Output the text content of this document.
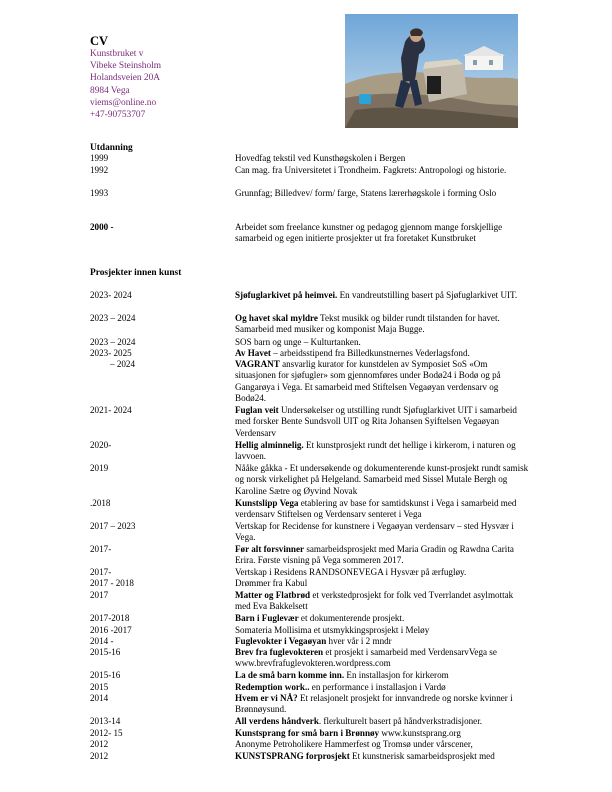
CV
Kunstbruket v
Vibeke Steinsholm
Holandsveien 20A
8984 Vega
viems@online.no
+47-90753707
Utdanning
Prosjekter innen kunst
1999	Hovedfag tekstil ved Kunsthøgskolen i Bergen
1992	Can mag. fra Universitetet i Trondheim. Fagkrets: Antropologi og historie.
1993	Grunnfag; Billedvev/ form/ farge, Statens lærerhøgskole i forming Oslo
2000 -	Arbeidet som freelance kunstner og pedagog gjennom mange forskjellige samarbeid og egen initierte prosjekter ut fra foretaket Kunstbruket
2023- 2024	Sjøfuglarkivet på heimvei. En vandreutstilling basert på Sjøfuglarkivet UIT.
2023 – 2024	Og havet skal myldre Tekst musikk og bilder rundt tilstanden for havet. Samarbeid med musiker og komponist Maja Bugge.
2023 – 2024	SOS barn og unge – Kulturtanken.
2023- 2025	Av Havet – arbeidsstipend fra Billedkunstnernes Vederlagsfond.
– 2024	VAGRANT ansvarlig kurator for kunstdelen av Symposiet SoS «Om situasjonen for sjøfugler» som gjennomføres under Bodø24 i Bodø og på Gangarøya i Vega. Et samarbeid med Stiftelsen Vegaøyan verdensarv og Bodø24.
2021- 2024	Fuglan veit Undersøkelser og utstilling rundt Sjøfuglarkivet UIT i samarbeid med forsker Bente Sundsvoll UIT og Rita Johansen Syiftelsen Vegaøyan Verdensarv
2020-	Hellig alminnelig. Et kunstprosjekt rundt det hellige i kirkerom, i naturen og lavvoen.
2019	Nååke gåkka - Et undersøkende og dokumenterende kunst-prosjekt rundt samisk og norsk virkelighet på Helgeland. Samarbeid med Sissel Mutale Bergh og Karoline Sætre og Øyvind Novak
.2018	Kunstslipp Vega etablering av base for samtidskunst i Vega i samarbeid med verdensarv Stiftelsen og Verdensarv senteret i Vega
2017 – 2023	Vertskap for Recidense for kunstnere i Vegaøyan verdensarv – sted Hysvær i Vega.
2017-	Før alt forsvinner samarbeidsprosjekt med Maria Gradin og Rawdna Carita Erira. Første visning på Vega sommeren 2017.
2017-	Vertskap i Residens RANDSONEVEGA i Hysvær på ærfugløy.
2017 - 2018	Drømmer fra Kabul
2017	Matter og Flatbrød et verkstedprosjekt for folk ved Tverrlandet asylmottak med Eva Bakkelsett
2017-2018	Barn i Fuglevær et dokumenterende prosjekt.
2016 -2017	Somateria Mollisima et utsmykkingsprosjekt i Meløy
2014 -	Fuglevokter i Vegaøyan hver vår i 2 mndr
2015-16	Brev fra fuglevokteren et prosjekt i samarbeid med VerdensarvVega se www.brevfrafuglevokteren.wordpress.com
2015-16	La de små barn komme inn. En installasjon for kirkerom
2015	Redemption work.. en performance i installasjon i Vardø
2014	Hvem er vi NÅ? Et relasjonelt prosjekt for innvandrede og norske kvinner i Brønnøysund.
2013-14	All verdens håndverk. flerkulturelt basert på håndverkstradisjoner.
2012- 15	Kunstsprang for små barn i Brønnøy www.kunstsprang.org
2012	Anonyme Petroholikere Hammerfest og Tromsø under vårscener,
2012	KUNSTSPRANG forprosjekt Et kunstnerisk samarbeidsprosjekt med
